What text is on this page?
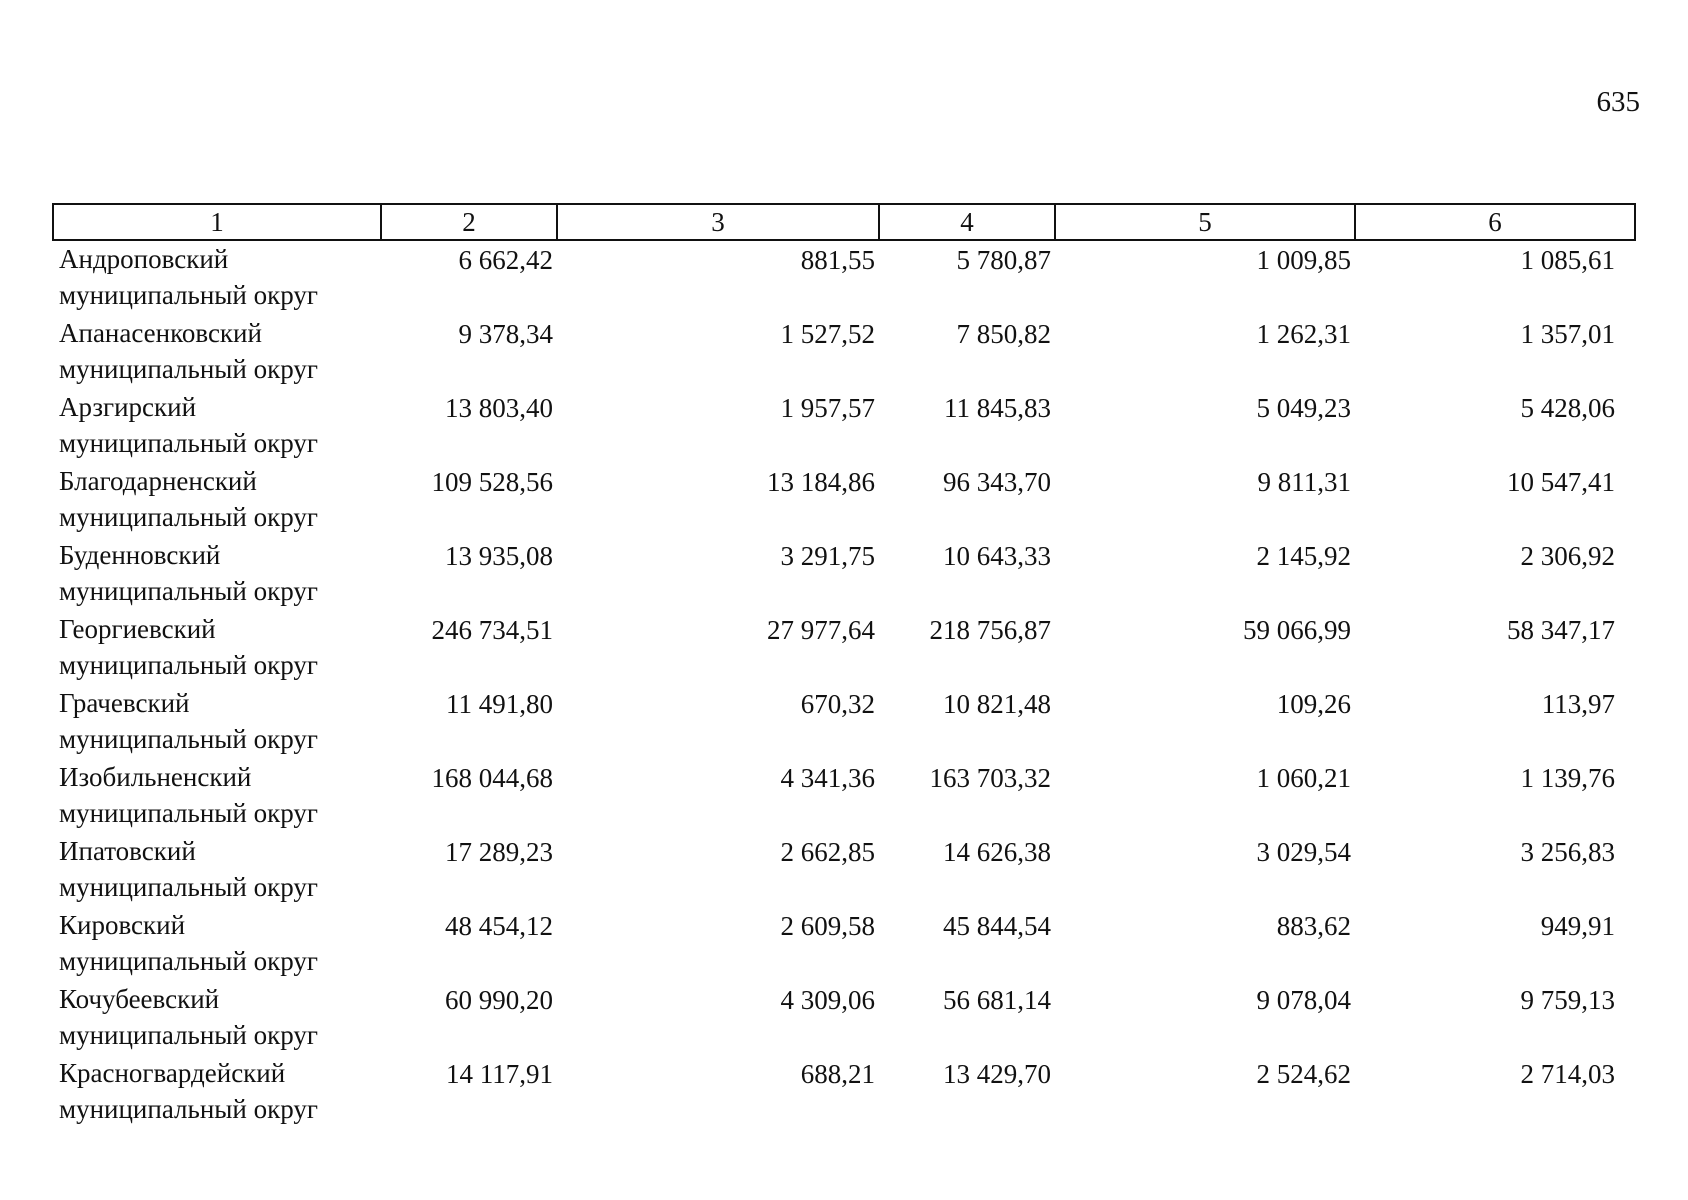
635
1	2	3	4	5	6

Андроповский
муниципальный округ	6 662,42	881,55	5 780,87	1 009,85	1 085,61

Апанасенковский
муниципальный округ	9 378,34	1 527,52	7 850,82	1 262,31	1 357,01

Арзгирский
муниципальный округ	13 803,40	1 957,57	11 845,83	5 049,23	5 428,06

Благодарненский
муниципальный округ	109 528,56	13 184,86	96 343,70	9 811,31	10 547,41

Буденновский
муниципальный округ	13 935,08	3 291,75	10 643,33	2 145,92	2 306,92

Георгиевский
муниципальный округ	246 734,51	27 977,64	218 756,87	59 066,99	58 347,17

Грачевский
муниципальный округ	11 491,80	670,32	10 821,48	109,26	113,97

Изобильненский
муниципальный округ	168 044,68	4 341,36	163 703,32	1 060,21	1 139,76

Ипатовский
муниципальный округ	17 289,23	2 662,85	14 626,38	3 029,54	3 256,83

Кировский
муниципальный округ	48 454,12	2 609,58	45 844,54	883,62	949,91

Кочубеевский
муниципальный округ	60 990,20	4 309,06	56 681,14	9 078,04	9 759,13

Красногвардейский
муниципальный округ	14 117,91	688,21	13 429,70	2 524,62	2 714,03
